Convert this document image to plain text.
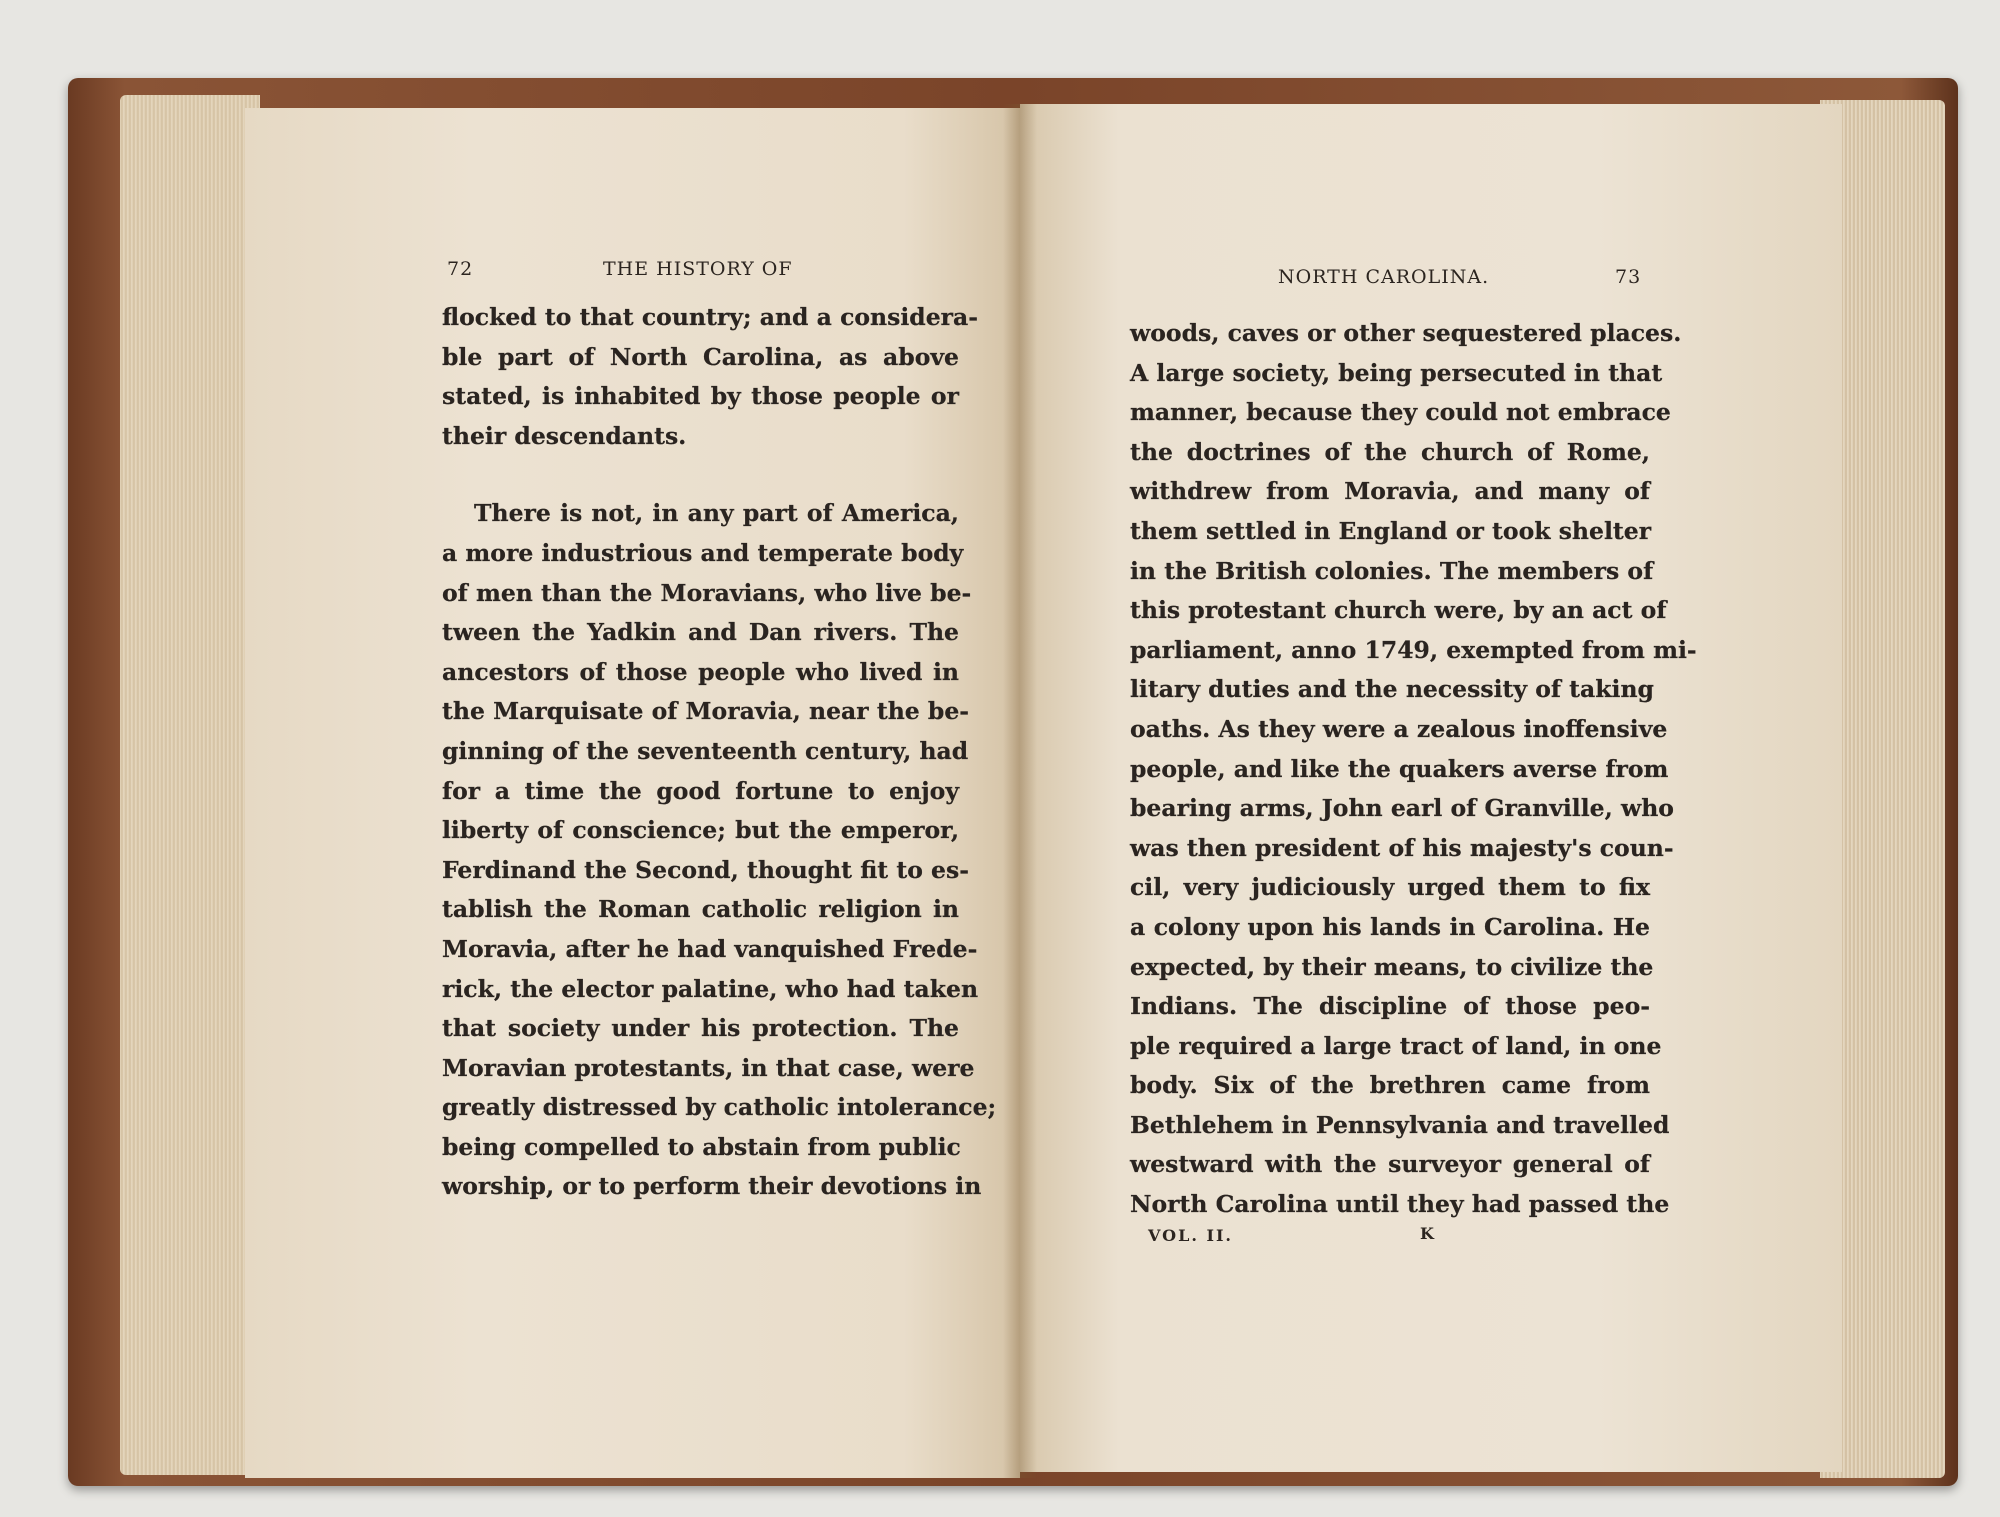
72	THE HISTORY OF
flocked to that country; and a considera-
ble part of North Carolina, as above
stated, is inhabited by those people or
their descendants.
There is not, in any part of America,
a more industrious and temperate body
of men than the Moravians, who live be-
tween the Yadkin and Dan rivers. The
ancestors of those people who lived in
the Marquisate of Moravia, near the be-
ginning of the seventeenth century, had
for a time the good fortune to enjoy
liberty of conscience; but the emperor,
Ferdinand the Second, thought fit to es-
tablish the Roman catholic religion in
Moravia, after he had vanquished Frede-
rick, the elector palatine, who had taken
that society under his protection. The
Moravian protestants, in that case, were
greatly distressed by catholic intolerance;
being compelled to abstain from public
worship, or to perform their devotions in
NORTH CAROLINA.	73
woods, caves or other sequestered places.
A large society, being persecuted in that
manner, because they could not embrace
the doctrines of the church of Rome,
withdrew from Moravia, and many of
them settled in England or took shelter
in the British colonies. The members of
this protestant church were, by an act of
parliament, anno 1749, exempted from mi-
litary duties and the necessity of taking
oaths. As they were a zealous inoffensive
people, and like the quakers averse from
bearing arms, John earl of Granville, who
was then president of his majesty's coun-
cil, very judiciously urged them to fix
a colony upon his lands in Carolina. He
expected, by their means, to civilize the
Indians. The discipline of those peo-
ple required a large tract of land, in one
body. Six of the brethren came from
Bethlehem in Pennsylvania and travelled
westward with the surveyor general of
North Carolina until they had passed the
VOL. II.	K
